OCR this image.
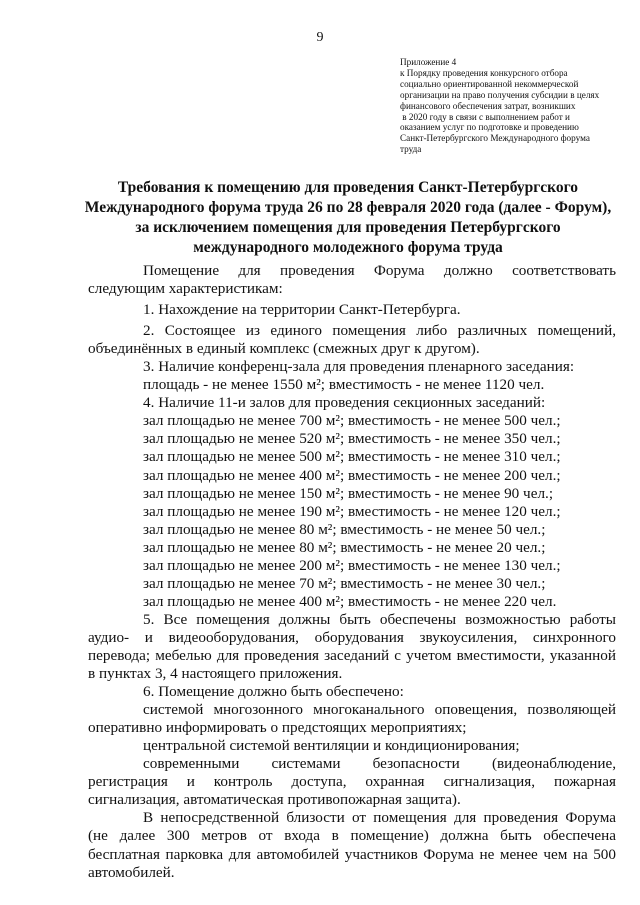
9
Приложение 4
к Порядку проведения конкурсного отбора
социально ориентированной некоммерческой
организации на право получения субсидии в целях
финансового обеспечения затрат, возникших
в 2020 году в связи с выполнением работ и
оказанием услуг по подготовке и проведению
Санкт-Петербургского Международного форума
труда
Требования к помещению для проведения Санкт-Петербургского
Международного форума труда 26 по 28 февраля 2020 года (далее - Форум),
за исключением помещения для проведения Петербургского
международного молодежного форума труда
Помещение для проведения Форума должно соответствовать
следующим характеристикам:
1. Нахождение на территории Санкт-Петербурга.
2. Состоящее из единого помещения либо различных помещений,
объединённых в единый комплекс (смежных друг к другом).
3. Наличие конференц-зала для проведения пленарного заседания:
площадь - не менее 1550 м²; вместимость - не менее 1120 чел.
4. Наличие 11-и залов для проведения секционных заседаний:
зал площадью не менее 700 м²; вместимость - не менее 500 чел.;
зал площадью не менее 520 м²; вместимость - не менее 350 чел.;
зал площадью не менее 500 м²; вместимость - не менее 310 чел.;
зал площадью не менее 400 м²; вместимость - не менее 200 чел.;
зал площадью не менее 150 м²; вместимость - не менее 90 чел.;
зал площадью не менее 190 м²; вместимость - не менее 120 чел.;
зал площадью не менее 80 м²; вместимость - не менее 50 чел.;
зал площадью не менее 80 м²; вместимость - не менее 20 чел.;
зал площадью не менее 200 м²; вместимость - не менее 130 чел.;
зал площадью не менее 70 м²; вместимость - не менее 30 чел.;
зал площадью не менее 400 м²; вместимость - не менее 220 чел.
5. Все помещения должны быть обеспечены возможностью работы
аудио- и видеооборудования, оборудования звукоусиления, синхронного
перевода; мебелью для проведения заседаний с учетом вместимости, указанной
в пунктах 3, 4 настоящего приложения.
6. Помещение должно быть обеспечено:
системой многозонного многоканального оповещения, позволяющей
оперативно информировать о предстоящих мероприятиях;
центральной системой вентиляции и кондиционирования;
современными системами безопасности (видеонаблюдение,
регистрация и контроль доступа, охранная сигнализация, пожарная
сигнализация, автоматическая противопожарная защита).
В непосредственной близости от помещения для проведения Форума
(не далее 300 метров от входа в помещение) должна быть обеспечена
бесплатная парковка для автомобилей участников Форума не менее чем на 500
автомобилей.
